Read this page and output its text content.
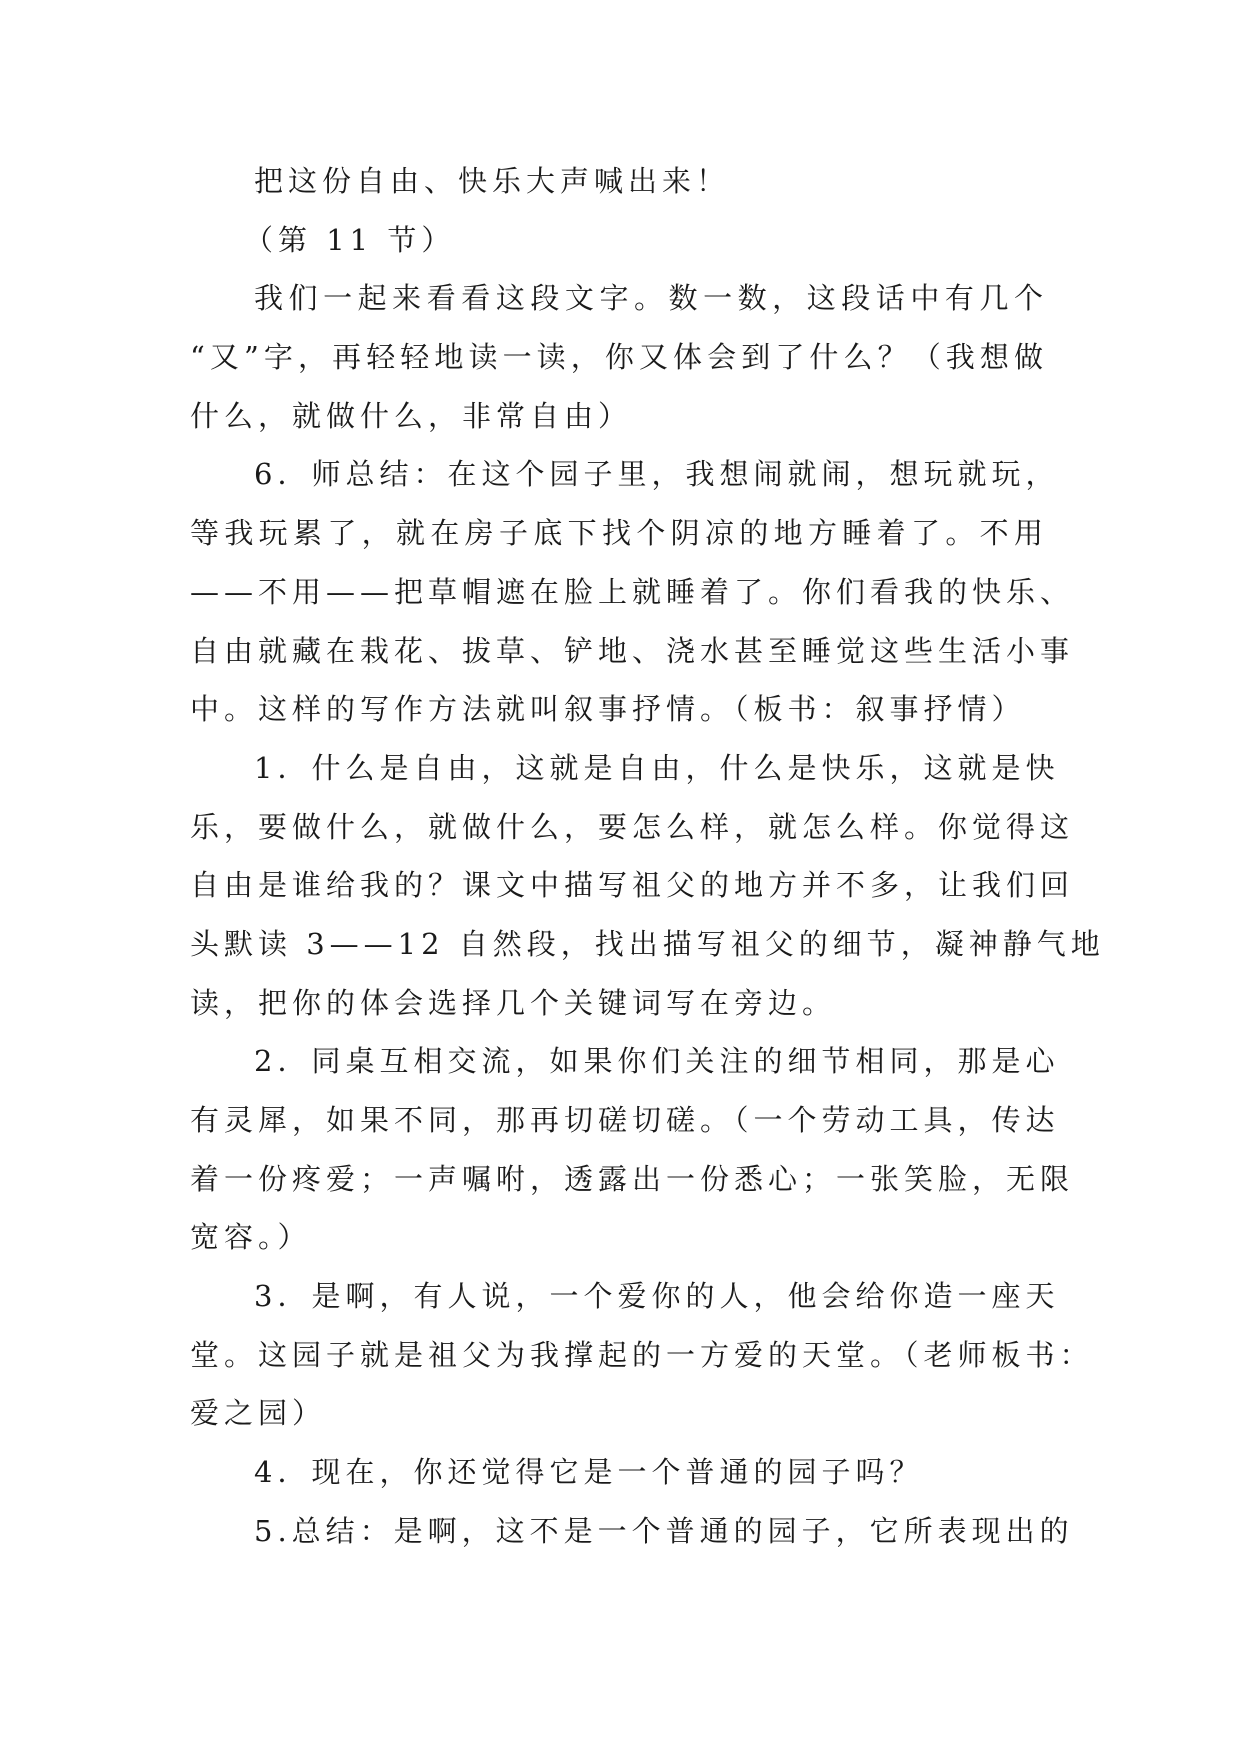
把这份自由、快乐大声喊出来！

（第 11 节）

我们一起来看看这段文字。数一数，这段话中有几个

“又”字，再轻轻地读一读，你又体会到了什么？（我想做

什么，就做什么，非常自由）

6．师总结：在这个园子里，我想闹就闹，想玩就玩，

等我玩累了，就在房子底下找个阴凉的地方睡着了。不用

——不用——把草帽遮在脸上就睡着了。你们看我的快乐、

自由就藏在栽花、拔草、铲地、浇水甚至睡觉这些生活小事

中。这样的写作方法就叫叙事抒情。（板书：叙事抒情）

1．什么是自由，这就是自由，什么是快乐，这就是快

乐，要做什么，就做什么，要怎么样，就怎么样。你觉得这

自由是谁给我的？课文中描写祖父的地方并不多，让我们回

头默读 3——12 自然段，找出描写祖父的细节，凝神静气地

读，把你的体会选择几个关键词写在旁边。

2．同桌互相交流，如果你们关注的细节相同，那是心

有灵犀，如果不同，那再切磋切磋。（一个劳动工具，传达

着一份疼爱；一声嘱咐，透露出一份悉心；一张笑脸，无限

宽容。）

3．是啊，有人说，一个爱你的人，他会给你造一座天

堂。这园子就是祖父为我撑起的一方爱的天堂。（老师板书：

爱之园）

4．现在，你还觉得它是一个普通的园子吗？

5.总结：是啊，这不是一个普通的园子，它所表现出的
